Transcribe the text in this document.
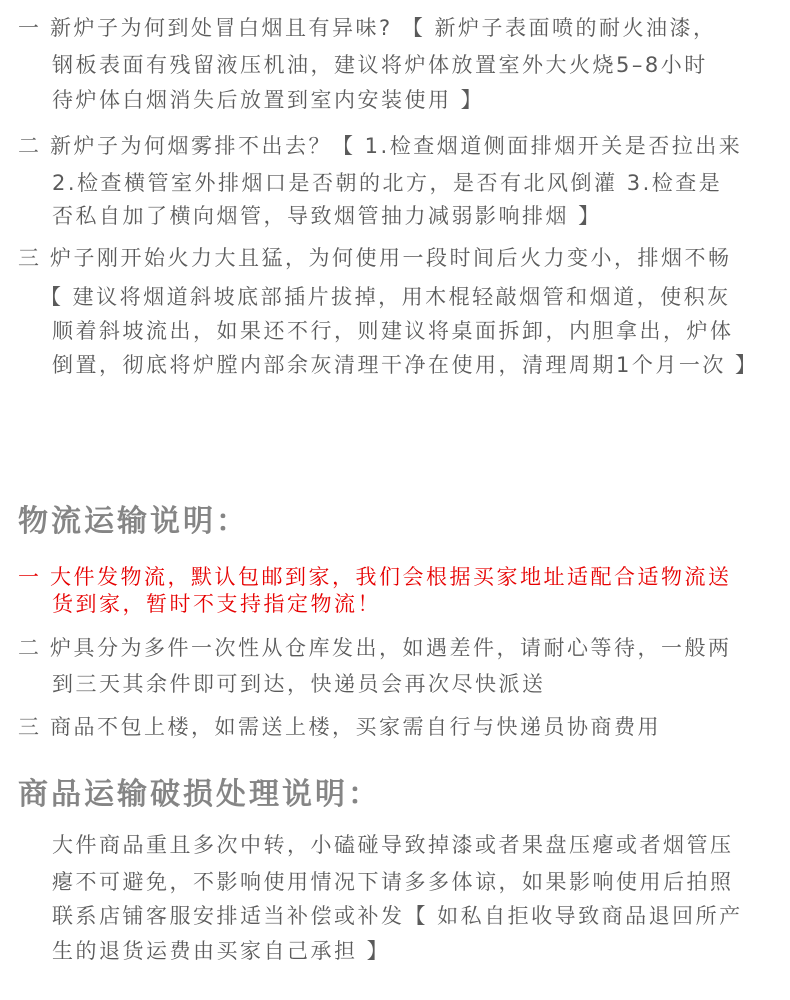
一 新炉子为何到处冒白烟且有异味? 【 新炉子表面喷的耐火油漆，
钢板表面有残留液压机油，建议将炉体放置室外大火烧5–8小时
待炉体白烟消失后放置到室内安装使用 】
二 新炉子为何烟雾排不出去？【 1.检查烟道侧面排烟开关是否拉出来
2.检查横管室外排烟口是否朝的北方，是否有北风倒灌 3.检查是
否私自加了横向烟管，导致烟管抽力减弱影响排烟 】
三 炉子刚开始火力大且猛，为何使用一段时间后火力变小，排烟不畅
【 建议将烟道斜坡底部插片拔掉，用木棍轻敲烟管和烟道，使积灰
顺着斜坡流出，如果还不行，则建议将桌面拆卸，内胆拿出，炉体
倒置，彻底将炉膛内部余灰清理干净在使用，清理周期1个月一次 】
物流运输说明：
一 大件发物流，默认包邮到家，我们会根据买家地址适配合适物流送
货到家，暂时不支持指定物流！
二 炉具分为多件一次性从仓库发出，如遇差件，请耐心等待，一般两
到三天其余件即可到达，快递员会再次尽快派送
三 商品不包上楼，如需送上楼，买家需自行与快递员协商费用
商品运输破损处理说明：
大件商品重且多次中转，小磕碰导致掉漆或者果盘压瘪或者烟管压
瘪不可避免，不影响使用情况下请多多体谅，如果影响使用后拍照
联系店铺客服安排适当补偿或补发【 如私自拒收导致商品退回所产
生的退货运费由买家自己承担 】
